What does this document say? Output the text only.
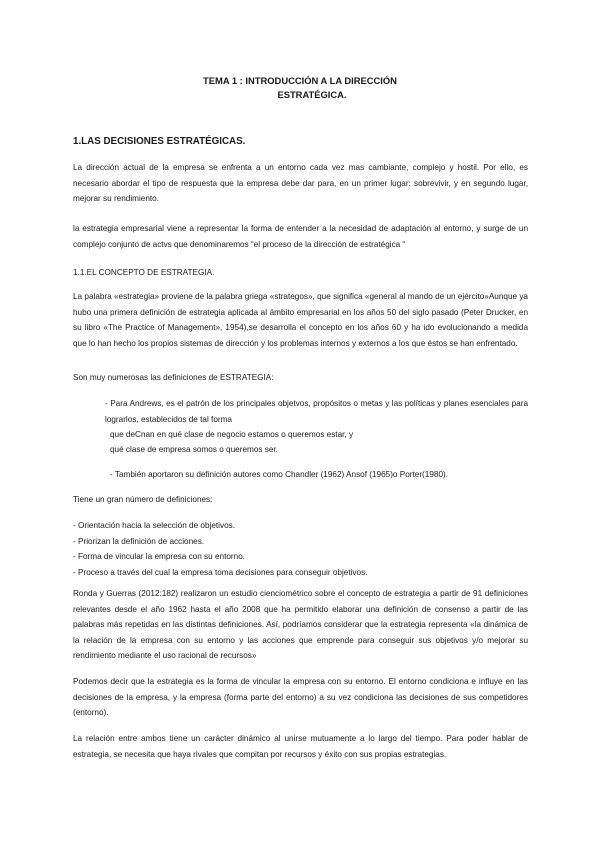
TEMA 1 : INTRODUCCIÓN A LA DIRECCIÓN
ESTRATÉGICA.
1.LAS DECISIONES ESTRATÉGICAS.
La dirección actual de la empresa se enfrenta a un entorno cada vez mas cambiante, complejo y hostil. Por ello, es necesario abordar el tipo de respuesta que la empresa debe dar para, en un primer lugar: sobrevivir, y en segundo lugar, mejorar su rendimiento.
la estrategia empresarial viene a representar la forma de entender a la necesidad de adaptación al entorno, y surge de un complejo conjunto de actvs que denominaremos “el proceso de la dirección de estratégica “
1.1.EL CONCEPTO DE ESTRATEGIA.
La palabra «estrategia» proviene de la palabra griega «strategos», que significa «general al mando de un ejército»Aunque ya hubo una primera definición de estrategia aplicada al ámbito empresarial en los años 50 del siglo pasado (Peter Drucker, en su libro «The Practice of Management», 1954),se desarrolla el concepto en los años 60 y ha ido evolucionando a medida que lo han hecho los propios sistemas de dirección y los problemas internos y externos a los que éstos se han enfrentado.
Son muy numerosas las definiciones de ESTRATEGIA:
- Para Andrews, es el patrón de los principales objetvos, propósitos o metas y las políticas y planes esenciales para lograrlos, establecidos de tal forma
que deCnan en qué clase de negocio estamos o queremos estar, y
qué clase de empresa somos o queremos ser.
- También aportaron su definición autores como Chandler (1962) Ansof (1965)o Porter(1980).
Tiene un gran número de definiciones:
- Orientación hacia la selección de objetivos.
- Priorizan la definición de acciones.
- Forma de vincular la empresa con su entorno.
- Proceso a través del cual la empresa toma decisiones para conseguir objetivos.
Ronda y Guerras (2012:182) realizaron un estudio cienciométrico sobre el concepto de estrategia a partir de 91 definiciones relevantes desde el año 1962 hasta el año 2008 que ha permitido elaborar una definición de consenso a partir de las palabras más repetidas en las distintas definiciones. Así, podríamos considerar que la estrategia representa «la dinámica de la relación de la empresa con su entorno y las acciones que emprende para conseguir sus objetivos y/o mejorar su rendimiento mediante el uso racional de recursos»
Podemos decir que la estrategia es la forma de vincular la empresa con su entorno. El entorno condiciona e influye en las decisiones de la empresa, y la empresa (forma parte del entorno) a su vez condiciona las decisiones de sus competidores (entorno).
La relación entre ambos tiene un carácter dinámico al unirse mutuamente a lo largo del tiempo. Para poder hablar de estrategia, se necesita que haya rivales que compitan por recursos y éxito con sus propias estrategias.
